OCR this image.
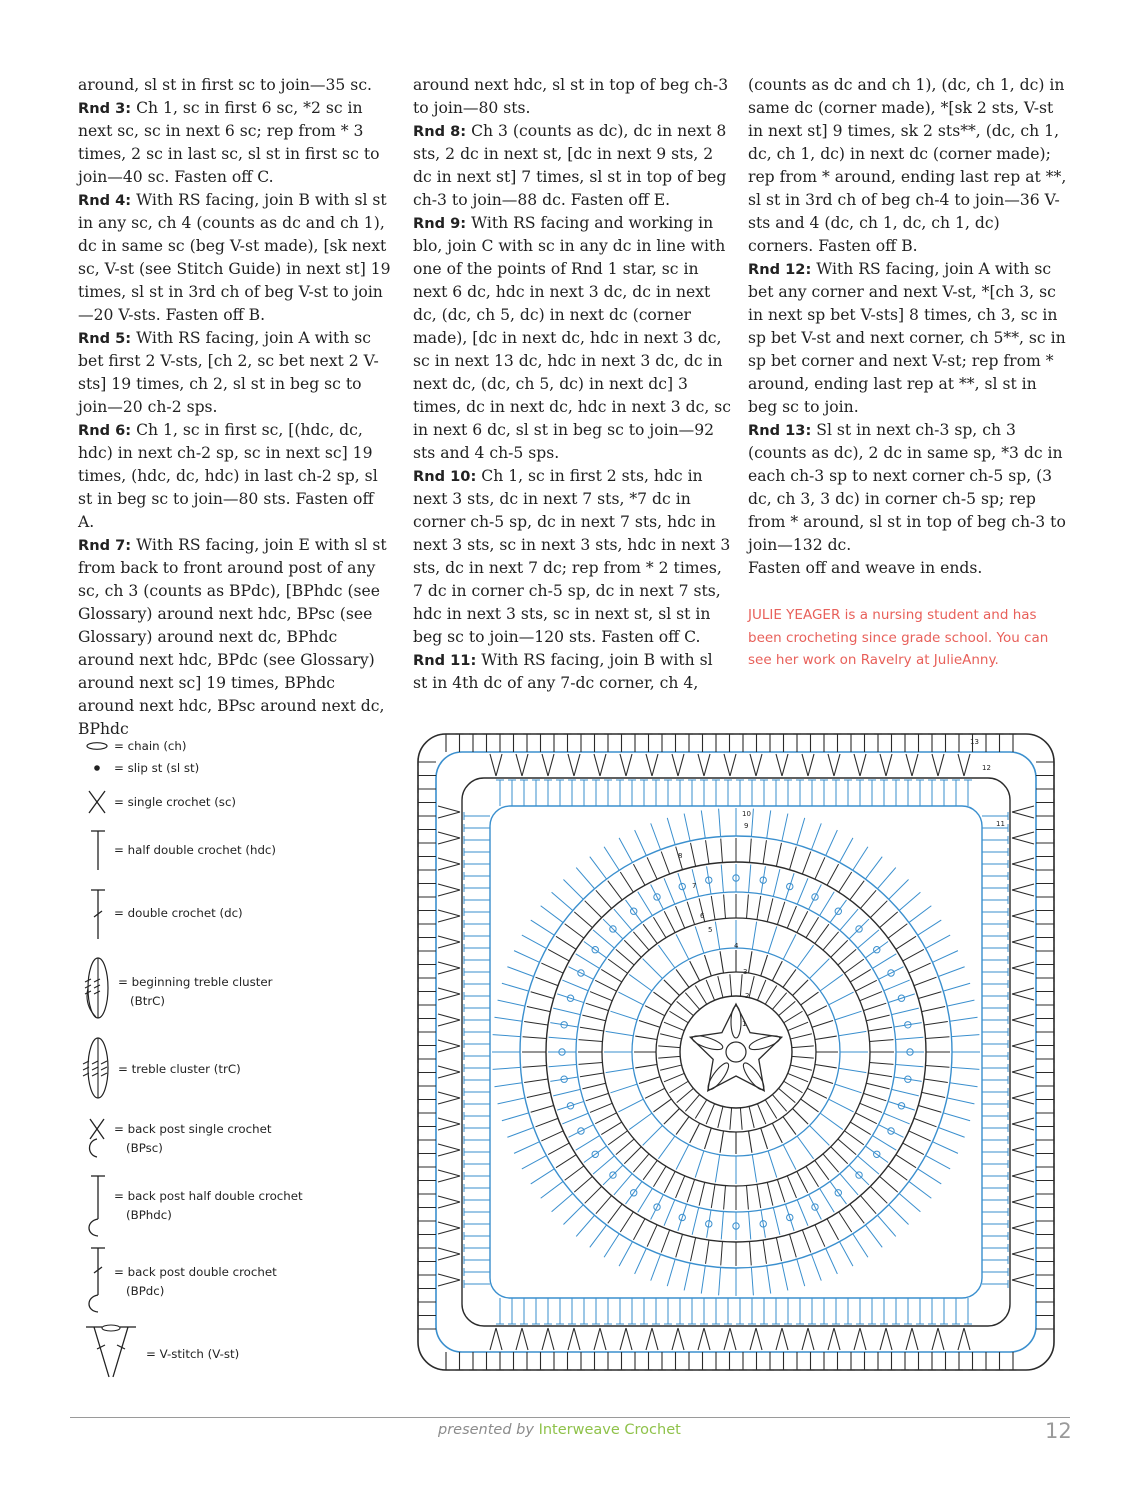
around, sl st in first sc to join—35 sc.

Rnd 3: Ch 1, sc in first 6 sc, *2 sc in next sc, sc in next 6 sc; rep from * 3 times, 2 sc in last sc, sl st in first sc to join—40 sc. Fasten off C.

Rnd 4: With RS facing, join B with sl st in any sc, ch 4 (counts as dc and ch 1), dc in same sc (beg V-st made), [sk next sc, V-st (see Stitch Guide) in next st] 19 times, sl st in 3rd ch of beg V-st to join—20 V-sts. Fasten off B.

Rnd 5: With RS facing, join A with sc bet first 2 V-sts, [ch 2, sc bet next 2 V-sts] 19 times, ch 2, sl st in beg sc to join—20 ch-2 sps.

Rnd 6: Ch 1, sc in first sc, [(hdc, dc, hdc) in next ch-2 sp, sc in next sc] 19 times, (hdc, dc, hdc) in last ch-2 sp, sl st in beg sc to join—80 sts. Fasten off A.

Rnd 7: With RS facing, join E with sl st from back to front around post of any sc, ch 3 (counts as BPdc), [BPhdc (see Glossary) around next hdc, BPsc (see Glossary) around next dc, BPhdc around next hdc, BPdc (see Glossary) around next sc] 19 times, BPhdc around next hdc, BPsc around next dc, BPhdc

around next hdc, sl st in top of beg ch-3 to join—80 sts.

Rnd 8: Ch 3 (counts as dc), dc in next 8 sts, 2 dc in next st, [dc in next 9 sts, 2 dc in next st] 7 times, sl st in top of beg ch-3 to join—88 dc. Fasten off E.

Rnd 9: With RS facing and working in blo, join C with sc in any dc in line with one of the points of Rnd 1 star, sc in next 6 dc, hdc in next 3 dc, dc in next dc, (dc, ch 5, dc) in next dc (corner made), [dc in next dc, hdc in next 3 dc, sc in next 13 dc, hdc in next 3 dc, dc in next dc, (dc, ch 5, dc) in next dc] 3 times, dc in next dc, hdc in next 3 dc, sc in next 6 dc, sl st in beg sc to join—92 sts and 4 ch-5 sps.

Rnd 10: Ch 1, sc in first 2 sts, hdc in next 3 sts, dc in next 7 sts, *7 dc in corner ch-5 sp, dc in next 7 sts, hdc in next 3 sts, sc in next 3 sts, hdc in next 3 sts, dc in next 7 dc; rep from * 2 times, 7 dc in corner ch-5 sp, dc in next 7 sts, hdc in next 3 sts, sc in next st, sl st in beg sc to join—120 sts. Fasten off C.

Rnd 11: With RS facing, join B with sl st in 4th dc of any 7-dc corner, ch 4,

(counts as dc and ch 1), (dc, ch 1, dc) in same dc (corner made), *[sk 2 sts, V-st in next st] 9 times, sk 2 sts**, (dc, ch 1, dc, ch 1, dc) in next dc (corner made); rep from * around, ending last rep at **, sl st in 3rd ch of beg ch-4 to join—36 V-sts and 4 (dc, ch 1, dc, ch 1, dc) corners. Fasten off B.

Rnd 12: With RS facing, join A with sc bet any corner and next V-st, *[ch 3, sc in next sp bet V-sts] 8 times, ch 3, sc in sp bet V-st and next corner, ch 5**, sc in sp bet corner and next V-st; rep from * around, ending last rep at **, sl st in beg sc to join.

Rnd 13: Sl st in next ch-3 sp, ch 3 (counts as dc), 2 dc in same sp, *3 dc in each ch-3 sp to next corner ch-5 sp, (3 dc, ch 3, 3 dc) in corner ch-5 sp; rep from * around, sl st in top of beg ch-3 to join—132 dc.

Fasten off and weave in ends.

JULIE YEAGER is a nursing student and has been crocheting since grade school. You can see her work on Ravelry at JulieAnny.

= chain (ch)
= slip st (sl st)
= single crochet (sc)
= half double crochet (hdc)
= double crochet (dc)
= beginning treble cluster
(BtrC)
= treble cluster (trC)
= back post single crochet
(BPsc)
= back post half double crochet
(BPhdc)
= back post double crochet
(BPdc)
= V-stitch (V-st)
1
2
3
4
5
6
7
8
9
10
11
12
13
presented by Interweave Crochet	12
